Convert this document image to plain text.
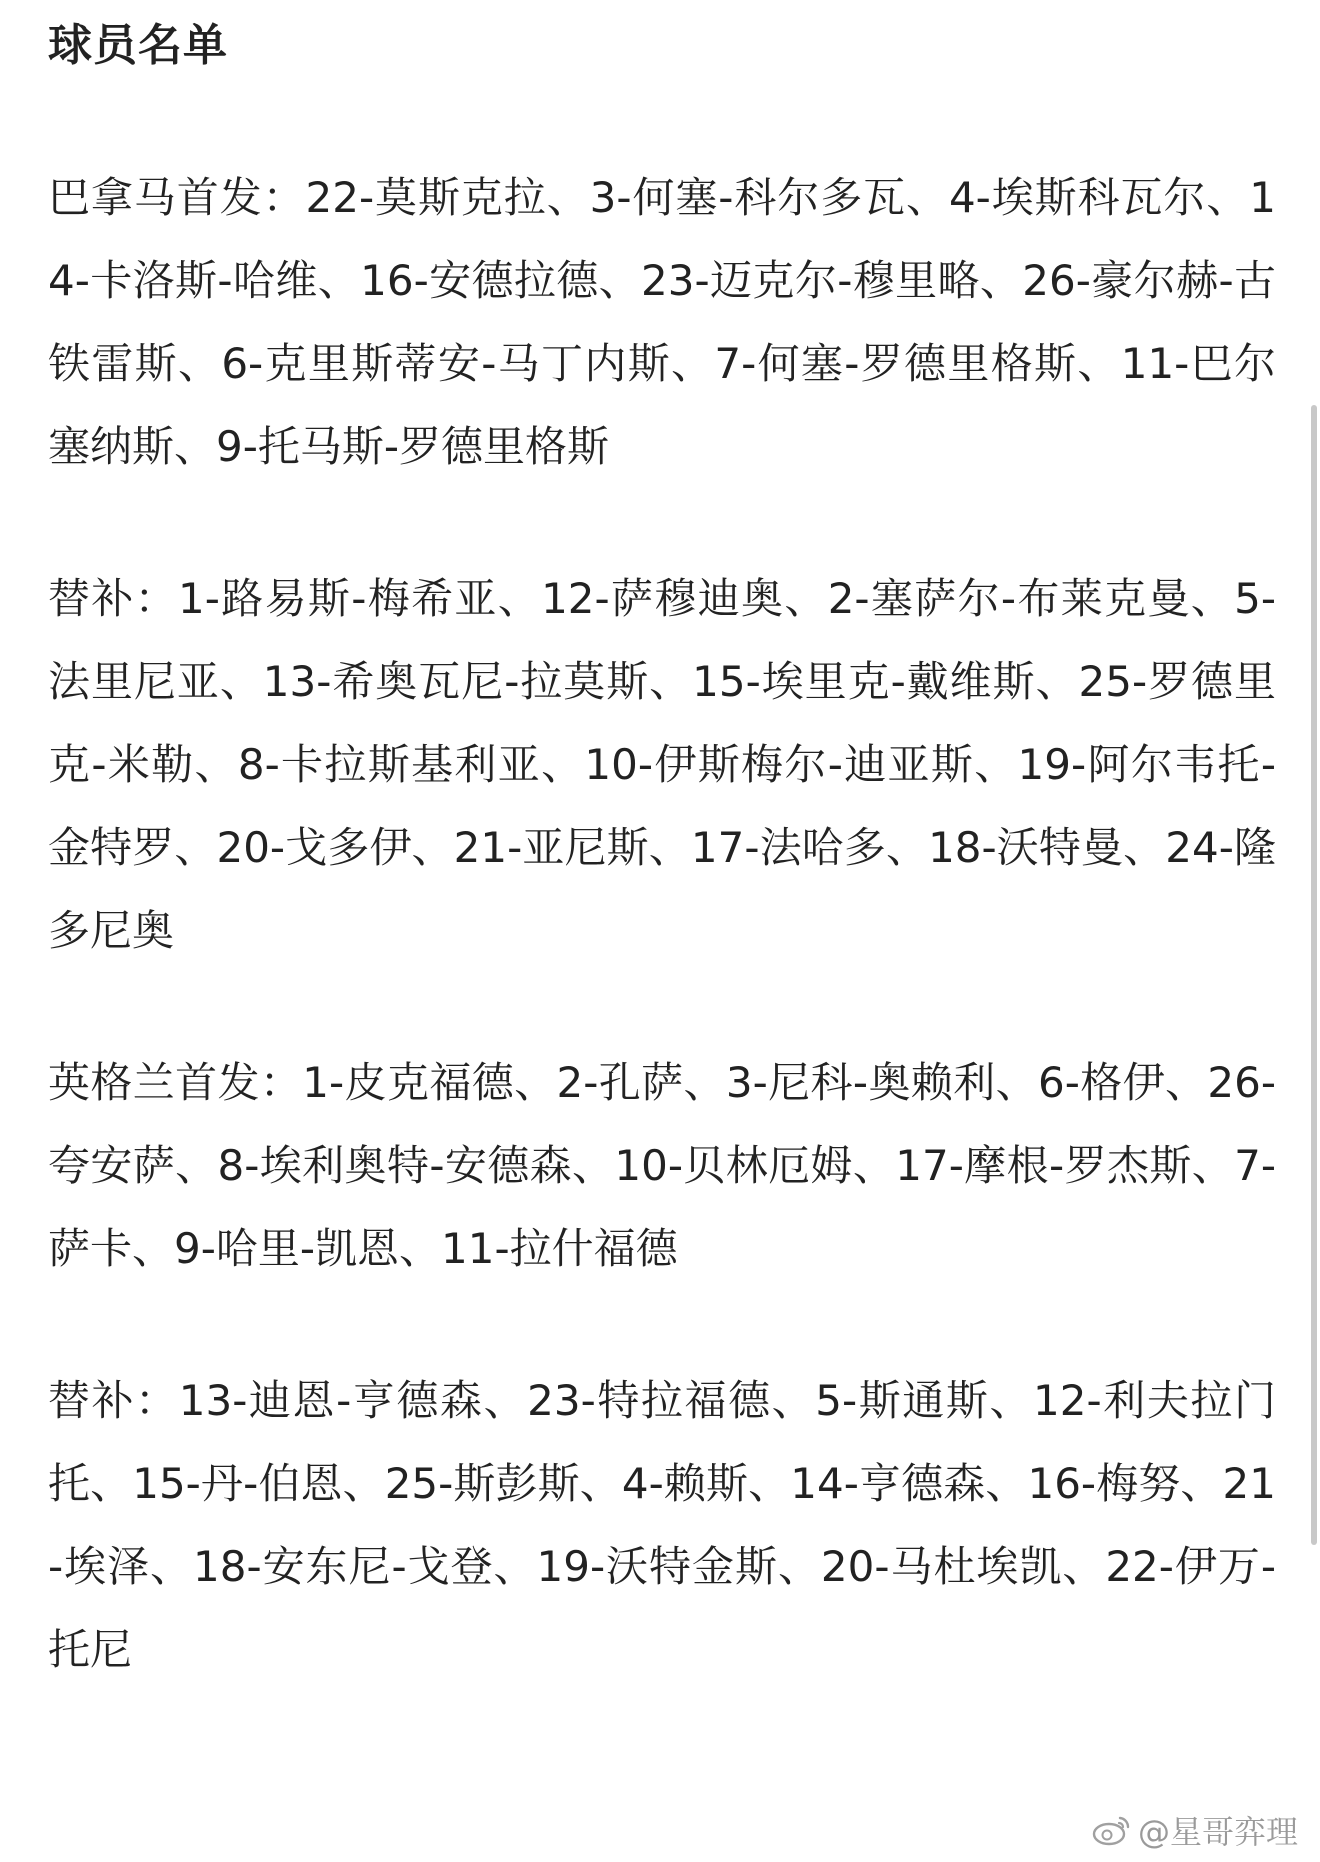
球员名单

巴拿马首发：22-莫斯克拉、3-何塞-科尔多瓦、4-埃斯科瓦尔、14-卡洛斯-哈维、16-安德拉德、23-迈克尔-穆里略、26-豪尔赫-古铁雷斯、6-克里斯蒂安-马丁内斯、7-何塞-罗德里格斯、11-巴尔塞纳斯、9-托马斯-罗德里格斯

替补：1-路易斯-梅希亚、12-萨穆迪奥、2-塞萨尔-布莱克曼、5-法里尼亚、13-希奥瓦尼-拉莫斯、15-埃里克-戴维斯、25-罗德里克-米勒、8-卡拉斯基利亚、10-伊斯梅尔-迪亚斯、19-阿尔韦托-金特罗、20-戈多伊、21-亚尼斯、17-法哈多、18-沃特曼、24-隆多尼奥

英格兰首发：1-皮克福德、2-孔萨、3-尼科-奥赖利、6-格伊、26-夸安萨、8-埃利奥特-安德森、10-贝林厄姆、17-摩根-罗杰斯、7-萨卡、9-哈里-凯恩、11-拉什福德

替补：13-迪恩-亨德森、23-特拉福德、5-斯通斯、12-利夫拉门托、15-丹-伯恩、25-斯彭斯、4-赖斯、14-亨德森、16-梅努、21-埃泽、18-安东尼-戈登、19-沃特金斯、20-马杜埃凯、22-伊万-托尼

@星哥弈理
